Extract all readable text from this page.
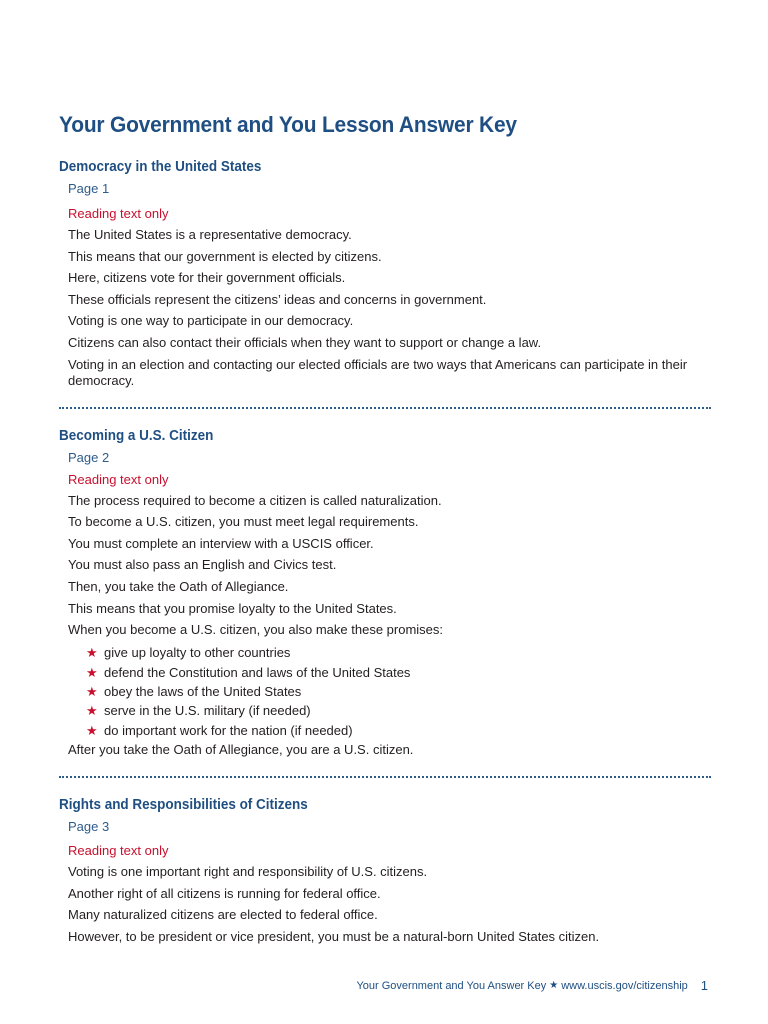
Your Government and You Lesson Answer Key
Democracy in the United States

Page 1

Reading text only

The United States is a representative democracy.

This means that our government is elected by citizens.

Here, citizens vote for their government officials.

These officials represent the citizens’ ideas and concerns in government.

Voting is one way to participate in our democracy.

Citizens can also contact their officials when they want to support or change a law.

Voting in an election and contacting our elected officials are two ways that Americans can participate in their democracy.

Becoming a U.S. Citizen

Page 2

Reading text only

The process required to become a citizen is called naturalization.

To become a U.S. citizen, you must meet legal requirements.

You must complete an interview with a USCIS officer.

You must also pass an English and Civics test.

Then, you take the Oath of Allegiance.

This means that you promise loyalty to the United States.

When you become a U.S. citizen, you also make these promises:

★ give up loyalty to other countries
★ defend the Constitution and laws of the United States
★ obey the laws of the United States
★ serve in the U.S. military (if needed)
★ do important work for the nation (if needed)

After you take the Oath of Allegiance, you are a U.S. citizen.

Rights and Responsibilities of Citizens

Page 3

Reading text only

Voting is one important right and responsibility of U.S. citizens.

Another right of all citizens is running for federal office.

Many naturalized citizens are elected to federal office.

However, to be president or vice president, you must be a natural-born United States citizen.

Your Government and You Answer Key ★ www.uscis.gov/citizenship 1
